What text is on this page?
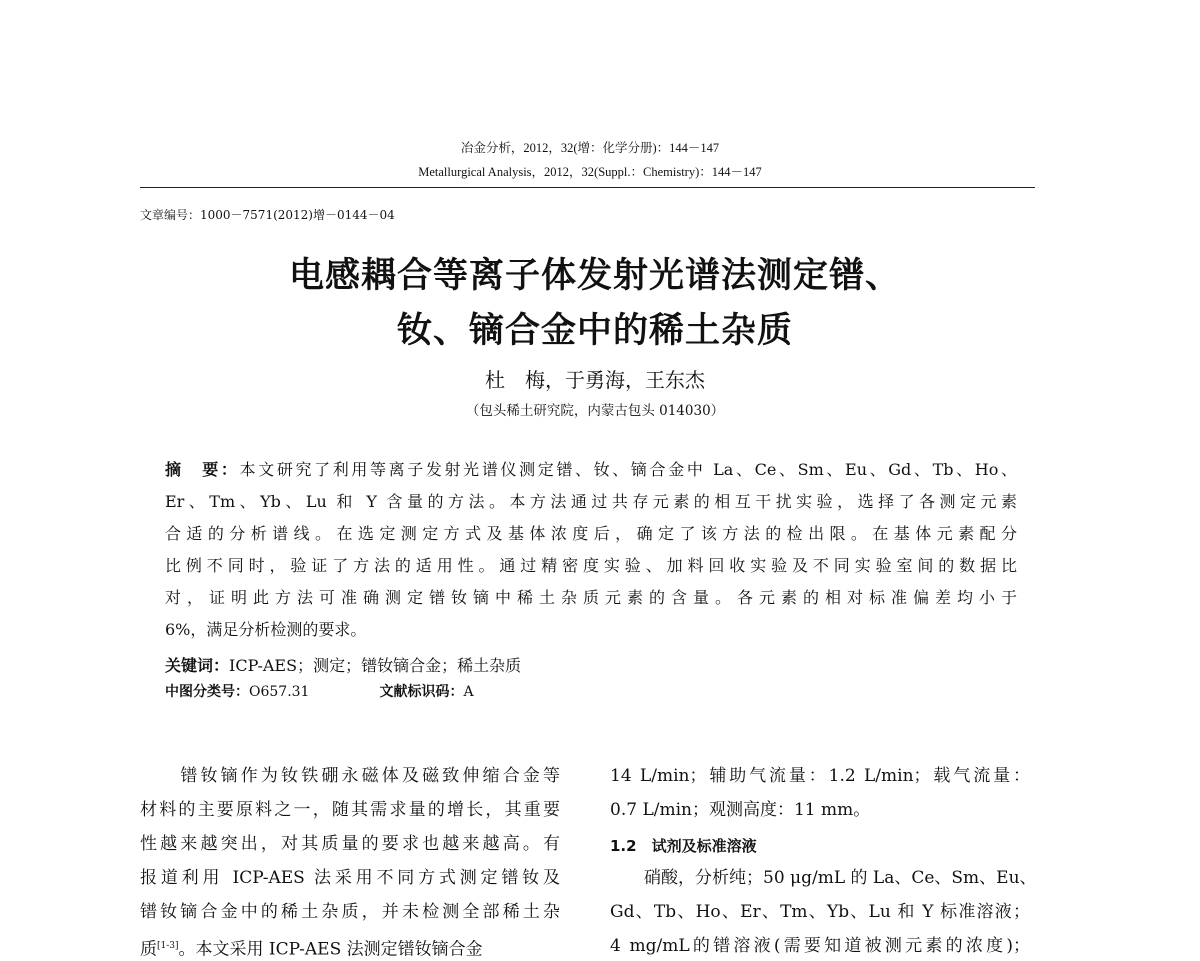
冶金分析，2012，32(增：化学分册)：144－147
Metallurgical Analysis，2012，32(Suppl.：Chemistry)：144－147
文章编号：1000－7571(2012)增－0144－04
电感耦合等离子体发射光谱法测定镨、
钕、镝合金中的稀土杂质
杜　梅，于勇海，王东杰
（包头稀土研究院，内蒙古包头 014030）
摘　要：本文研究了利用等离子发射光谱仪测定镨、钕、镝合金中 La、Ce、Sm、Eu、Gd、Tb、Ho、
Er、Tm、Yb、Lu 和 Y 含量的方法。本方法通过共存元素的相互干扰实验，选择了各测定元素
合适的分析谱线。在选定测定方式及基体浓度后，确定了该方法的检出限。在基体元素配分
比例不同时，验证了方法的适用性。通过精密度实验、加料回收实验及不同实验室间的数据比
对，证明此方法可准确测定镨钕镝中稀土杂质元素的含量。各元素的相对标准偏差均小于
6%，满足分析检测的要求。
关键词：ICP-AES；测定；镨钕镝合金；稀土杂质
中图分类号：O657.31	文献标识码：A
　　镨钕镝作为钕铁硼永磁体及磁致伸缩合金等
材料的主要原料之一，随其需求量的增长，其重要
性越来越突出，对其质量的要求也越来越高。有
报道利用 ICP-AES 法采用不同方式测定镨钕及
镨钕镝合金中的稀土杂质，并未检测全部稀土杂
质[1-3]。本文采用 ICP-AES 法测定镨钕镝合金
14 L/min；辅助气流量：1.2 L/min；载气流量：
0.7 L/min；观测高度：11 mm。
1.2　试剂及标准溶液
　　硝酸，分析纯；50 μg/mL 的 La、Ce、Sm、Eu、
Gd、Tb、Ho、Er、Tm、Yb、Lu 和 Y 标准溶液；
4 mg/mL的镨溶液(需要知道被测元素的浓度)；
